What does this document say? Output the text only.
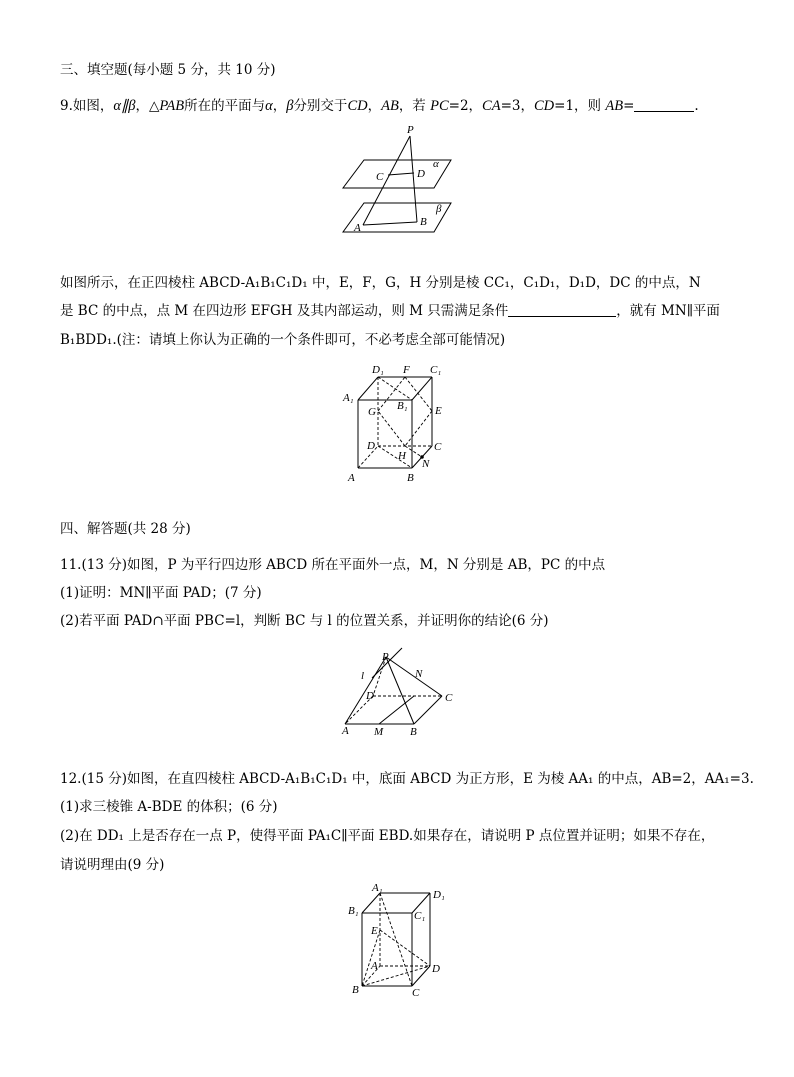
三、填空题(每小题 5 分，共 10 分)
9.如图，α∥β，△PAB所在的平面与α，β分别交于CD，AB，若 PC=2，CA=3，CD=1，则 AB=	.
P
C	D
α
A	B
β
如图所示，在正四棱柱 ABCD-A₁B₁C₁D₁ 中，E，F，G，H 分别是棱 CC₁，C₁D₁，D₁D，DC 的中点，N
是 BC 的中点，点 M 在四边形 EFGH 及其内部运动，则 M 只需满足条件	，就有 MN∥平面
B₁BDD₁.(注：请填上你认为正确的一个条件即可，不必考虑全部可能情况)
D₁ F C₁
A₁
G B₁ E
D	C
H
N
A	B
四、解答题(共 28 分)
11.(13 分)如图，P 为平行四边形 ABCD 所在平面外一点，M，N 分别是 AB，PC 的中点
(1)证明：MN∥平面 PAD；(7 分)
(2)若平面 PAD∩平面 PBC=l，判断 BC 与 l 的位置关系，并证明你的结论(6 分)
P
l	N
D	C
A M B
12.(15 分)如图，在直四棱柱 ABCD-A₁B₁C₁D₁ 中，底面 ABCD 为正方形，E 为棱 AA₁ 的中点，AB=2，AA₁=3.
(1)求三棱锥 A-BDE 的体积；(6 分)
(2)在 DD₁ 上是否存在一点 P，使得平面 PA₁C∥平面 EBD.如果存在，请说明 P 点位置并证明；如果不存在，
请说明理由(9 分)
A₁
D₁
B₁	C₁
E
A	D
B	C
